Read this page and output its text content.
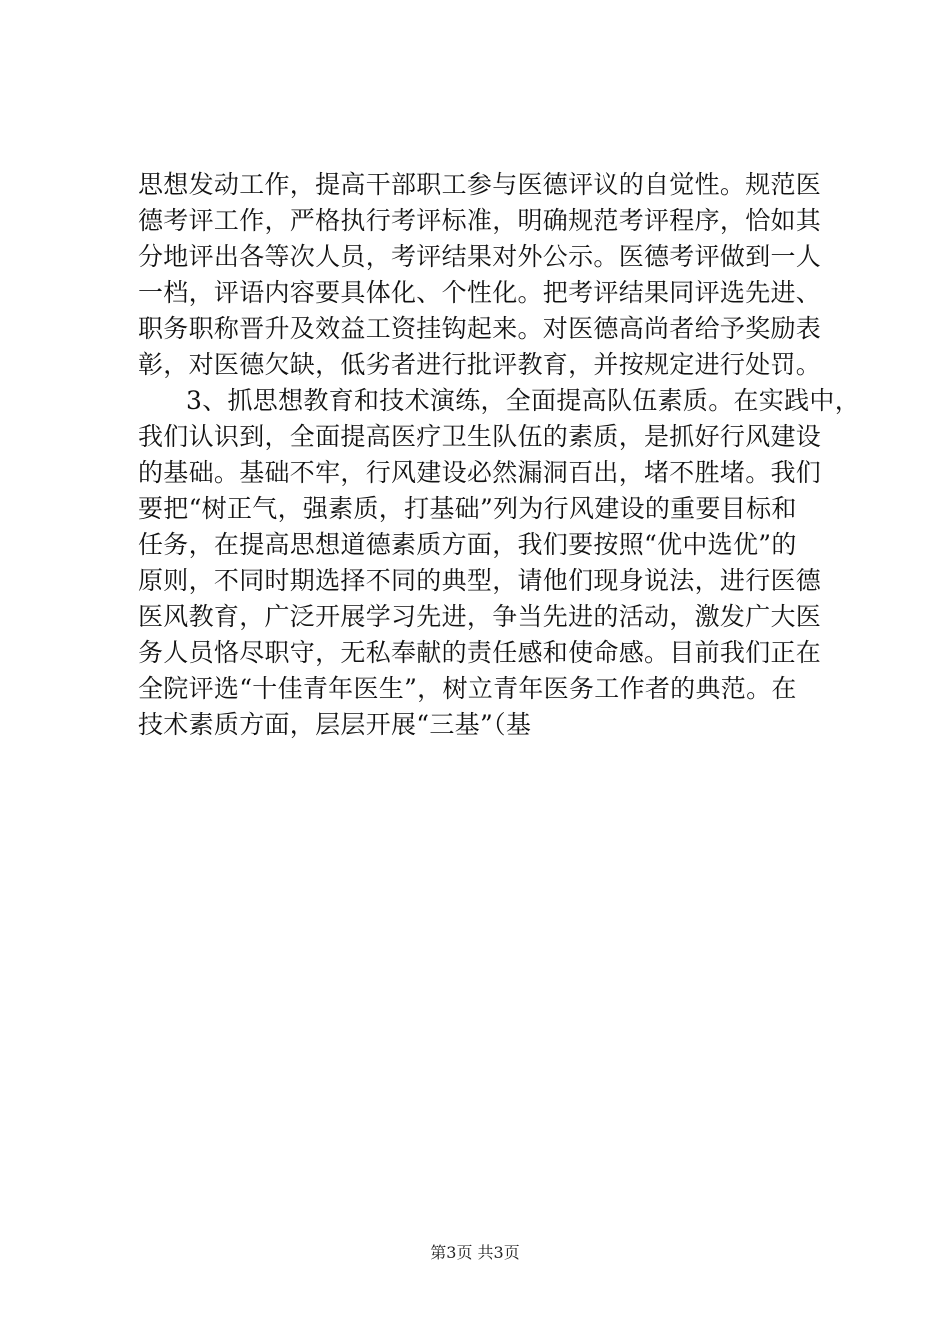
思想发动工作，提高干部职工参与医德评议的自觉性。规范医
德考评工作，严格执行考评标准，明确规范考评程序，恰如其
分地评出各等次人员，考评结果对外公示。医德考评做到一人
一档，评语内容要具体化、个性化。把考评结果同评选先进、
职务职称晋升及效益工资挂钩起来。对医德高尚者给予奖励表
彰，对医德欠缺，低劣者进行批评教育，并按规定进行处罚。
3、抓思想教育和技术演练，全面提高队伍素质。在实践中，
我们认识到，全面提高医疗卫生队伍的素质，是抓好行风建设
的基础。基础不牢，行风建设必然漏洞百出，堵不胜堵。我们
要把“树正气，强素质，打基础”列为行风建设的重要目标和
任务，在提高思想道德素质方面，我们要按照“优中选优”的
原则，不同时期选择不同的典型，请他们现身说法，进行医德
医风教育，广泛开展学习先进，争当先进的活动，激发广大医
务人员恪尽职守，无私奉献的责任感和使命感。目前我们正在
全院评选“十佳青年医生”，树立青年医务工作者的典范。在
技术素质方面，层层开展“三基”（基
第3页 共3页
